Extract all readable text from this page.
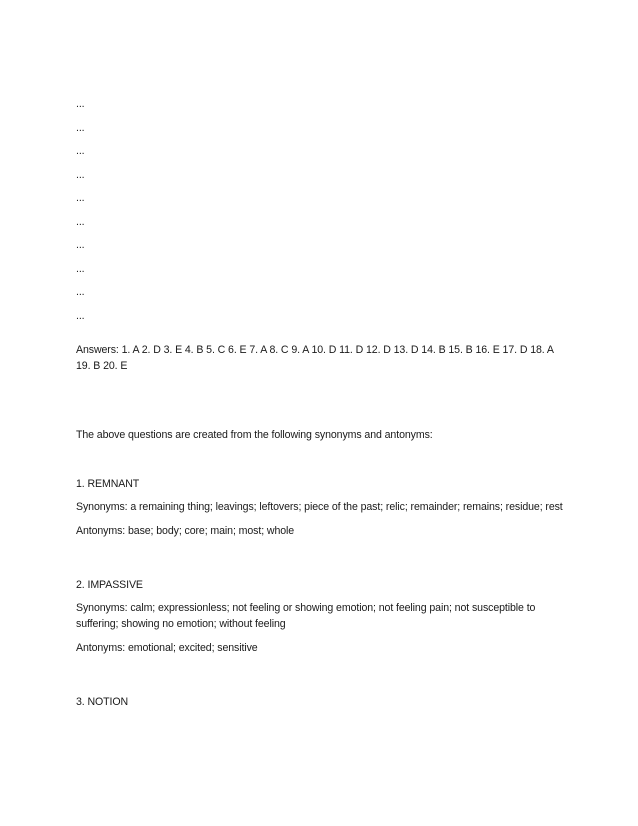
...
...
...
...
...
...
...
...
...
...
Answers: 1. A 2. D 3. E 4. B 5. C 6. E 7. A 8. C 9. A 10. D 11. D 12. D 13. D 14. B 15. B 16. E 17. D 18. A 19. B 20. E
The above questions are created from the following synonyms and antonyms:
1. REMNANT
Synonyms: a remaining thing; leavings; leftovers; piece of the past; relic; remainder; remains; residue; rest
Antonyms: base; body; core; main; most; whole
2. IMPASSIVE
Synonyms: calm; expressionless; not feeling or showing emotion; not feeling pain; not susceptible to suffering; showing no emotion; without feeling
Antonyms: emotional; excited; sensitive
3. NOTION
